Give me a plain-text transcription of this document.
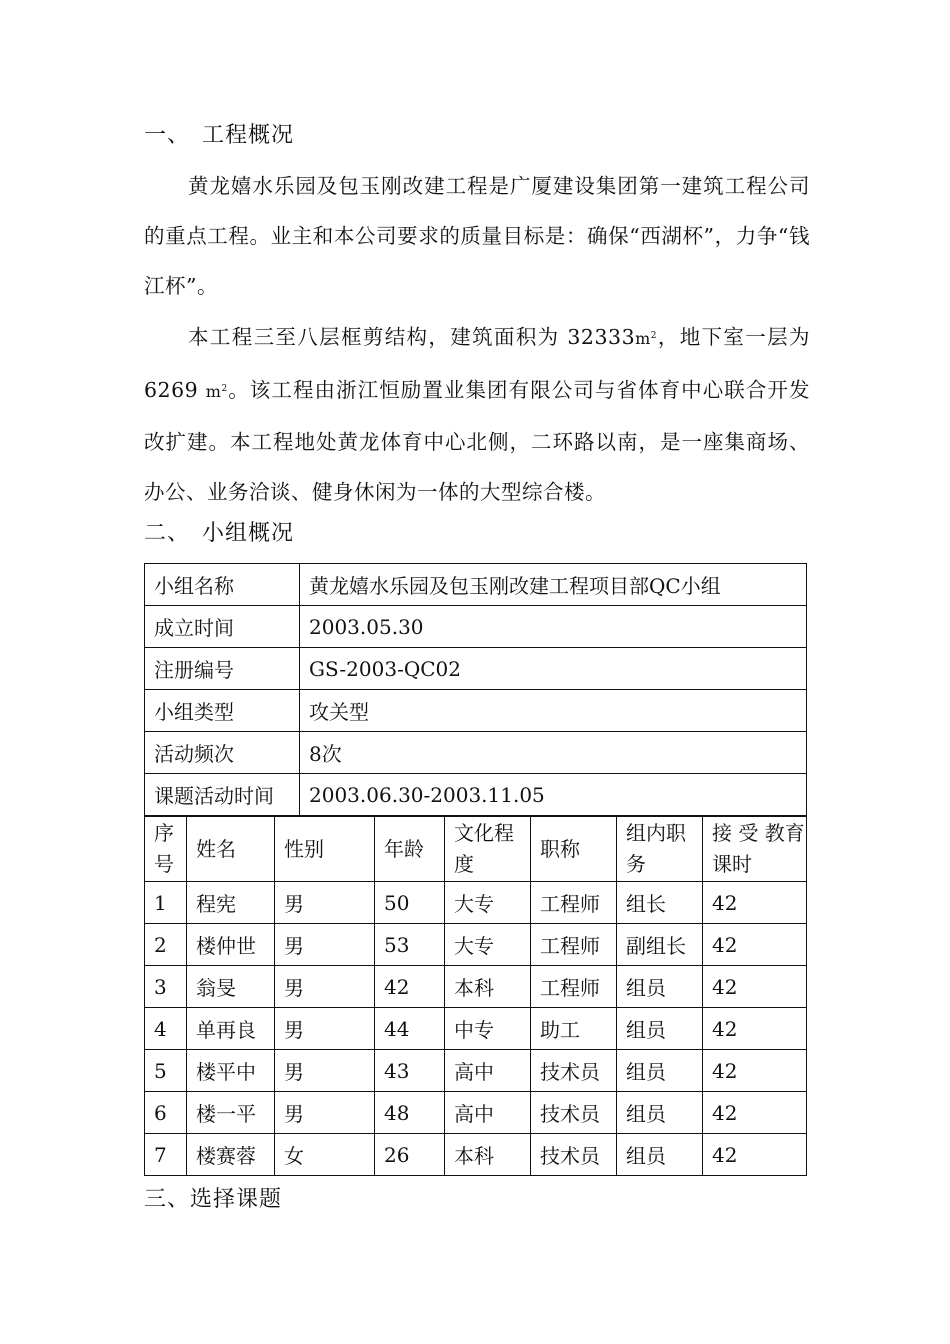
一、 工程概况
黄龙嬉水乐园及包玉刚改建工程是广厦建设集团第一建筑工程公司的重点工程。业主和本公司要求的质量目标是：确保“西湖杯”，力争“钱江杯”。
本工程三至八层框剪结构，建筑面积为 $32333m^2$，地下室一层为6269 $m^2$。该工程由浙江恒励置业集团有限公司与省体育中心联合开发改扩建。本工程地处黄龙体育中心北侧，二环路以南，是一座集商场、办公、业务洽谈、健身休闲为一体的大型综合楼。
二、 小组概况
小组名称	黄龙嬉水乐园及包玉刚改建工程项目部QC小组
成立时间	2003.05.30
注册编号	GS-2003-QC02
小组类型	攻关型
活动频次	8次
课题活动时间	2003.06.30-2003.11.05
序号	姓名	性别	年龄	文化程度	职称	组内职务	接 受 教育课时
1	程宪	男	50	大专	工程师	组长	42
2	楼仲世	男	53	大专	工程师	副组长	42
3	翁旻	男	42	本科	工程师	组员	42
4	单再良	男	44	中专	助工	组员	42
5	楼平中	男	43	高中	技术员	组员	42
6	楼一平	男	48	高中	技术员	组员	42
7	楼赛蓉	女	26	本科	技术员	组员	42
三、选择课题
